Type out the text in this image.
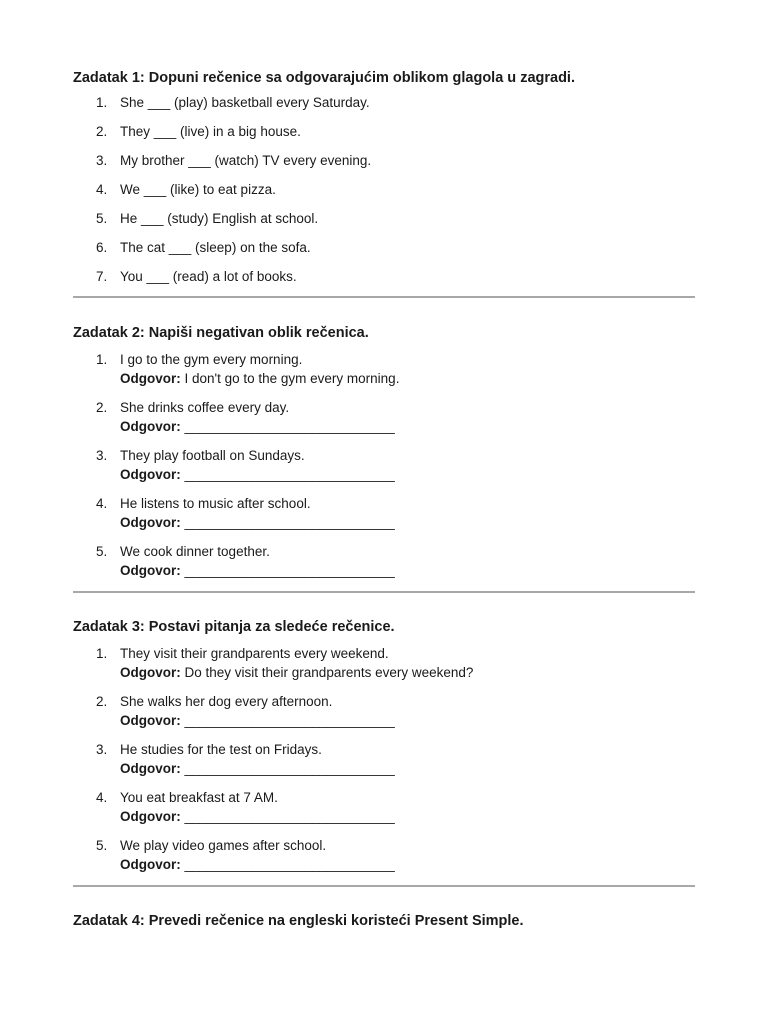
Zadatak 1: Dopuni rečenice sa odgovarajućim oblikom glagola u zagradi.
1. She ___ (play) basketball every Saturday.
2. They ___ (live) in a big house.
3. My brother ___ (watch) TV every evening.
4. We ___ (like) to eat pizza.
5. He ___ (study) English at school.
6. The cat ___ (sleep) on the sofa.
7. You ___ (read) a lot of books.
Zadatak 2: Napiši negativan oblik rečenica.
1. I go to the gym every morning.
Odgovor: I don't go to the gym every morning.
2. She drinks coffee every day.
Odgovor: ____________________________
3. They play football on Sundays.
Odgovor: ____________________________
4. He listens to music after school.
Odgovor: ____________________________
5. We cook dinner together.
Odgovor: ____________________________
Zadatak 3: Postavi pitanja za sledeće rečenice.
1. They visit their grandparents every weekend.
Odgovor: Do they visit their grandparents every weekend?
2. She walks her dog every afternoon.
Odgovor: ____________________________
3. He studies for the test on Fridays.
Odgovor: ____________________________
4. You eat breakfast at 7 AM.
Odgovor: ____________________________
5. We play video games after school.
Odgovor: ____________________________
Zadatak 4: Prevedi rečenice na engleski koristeći Present Simple.
